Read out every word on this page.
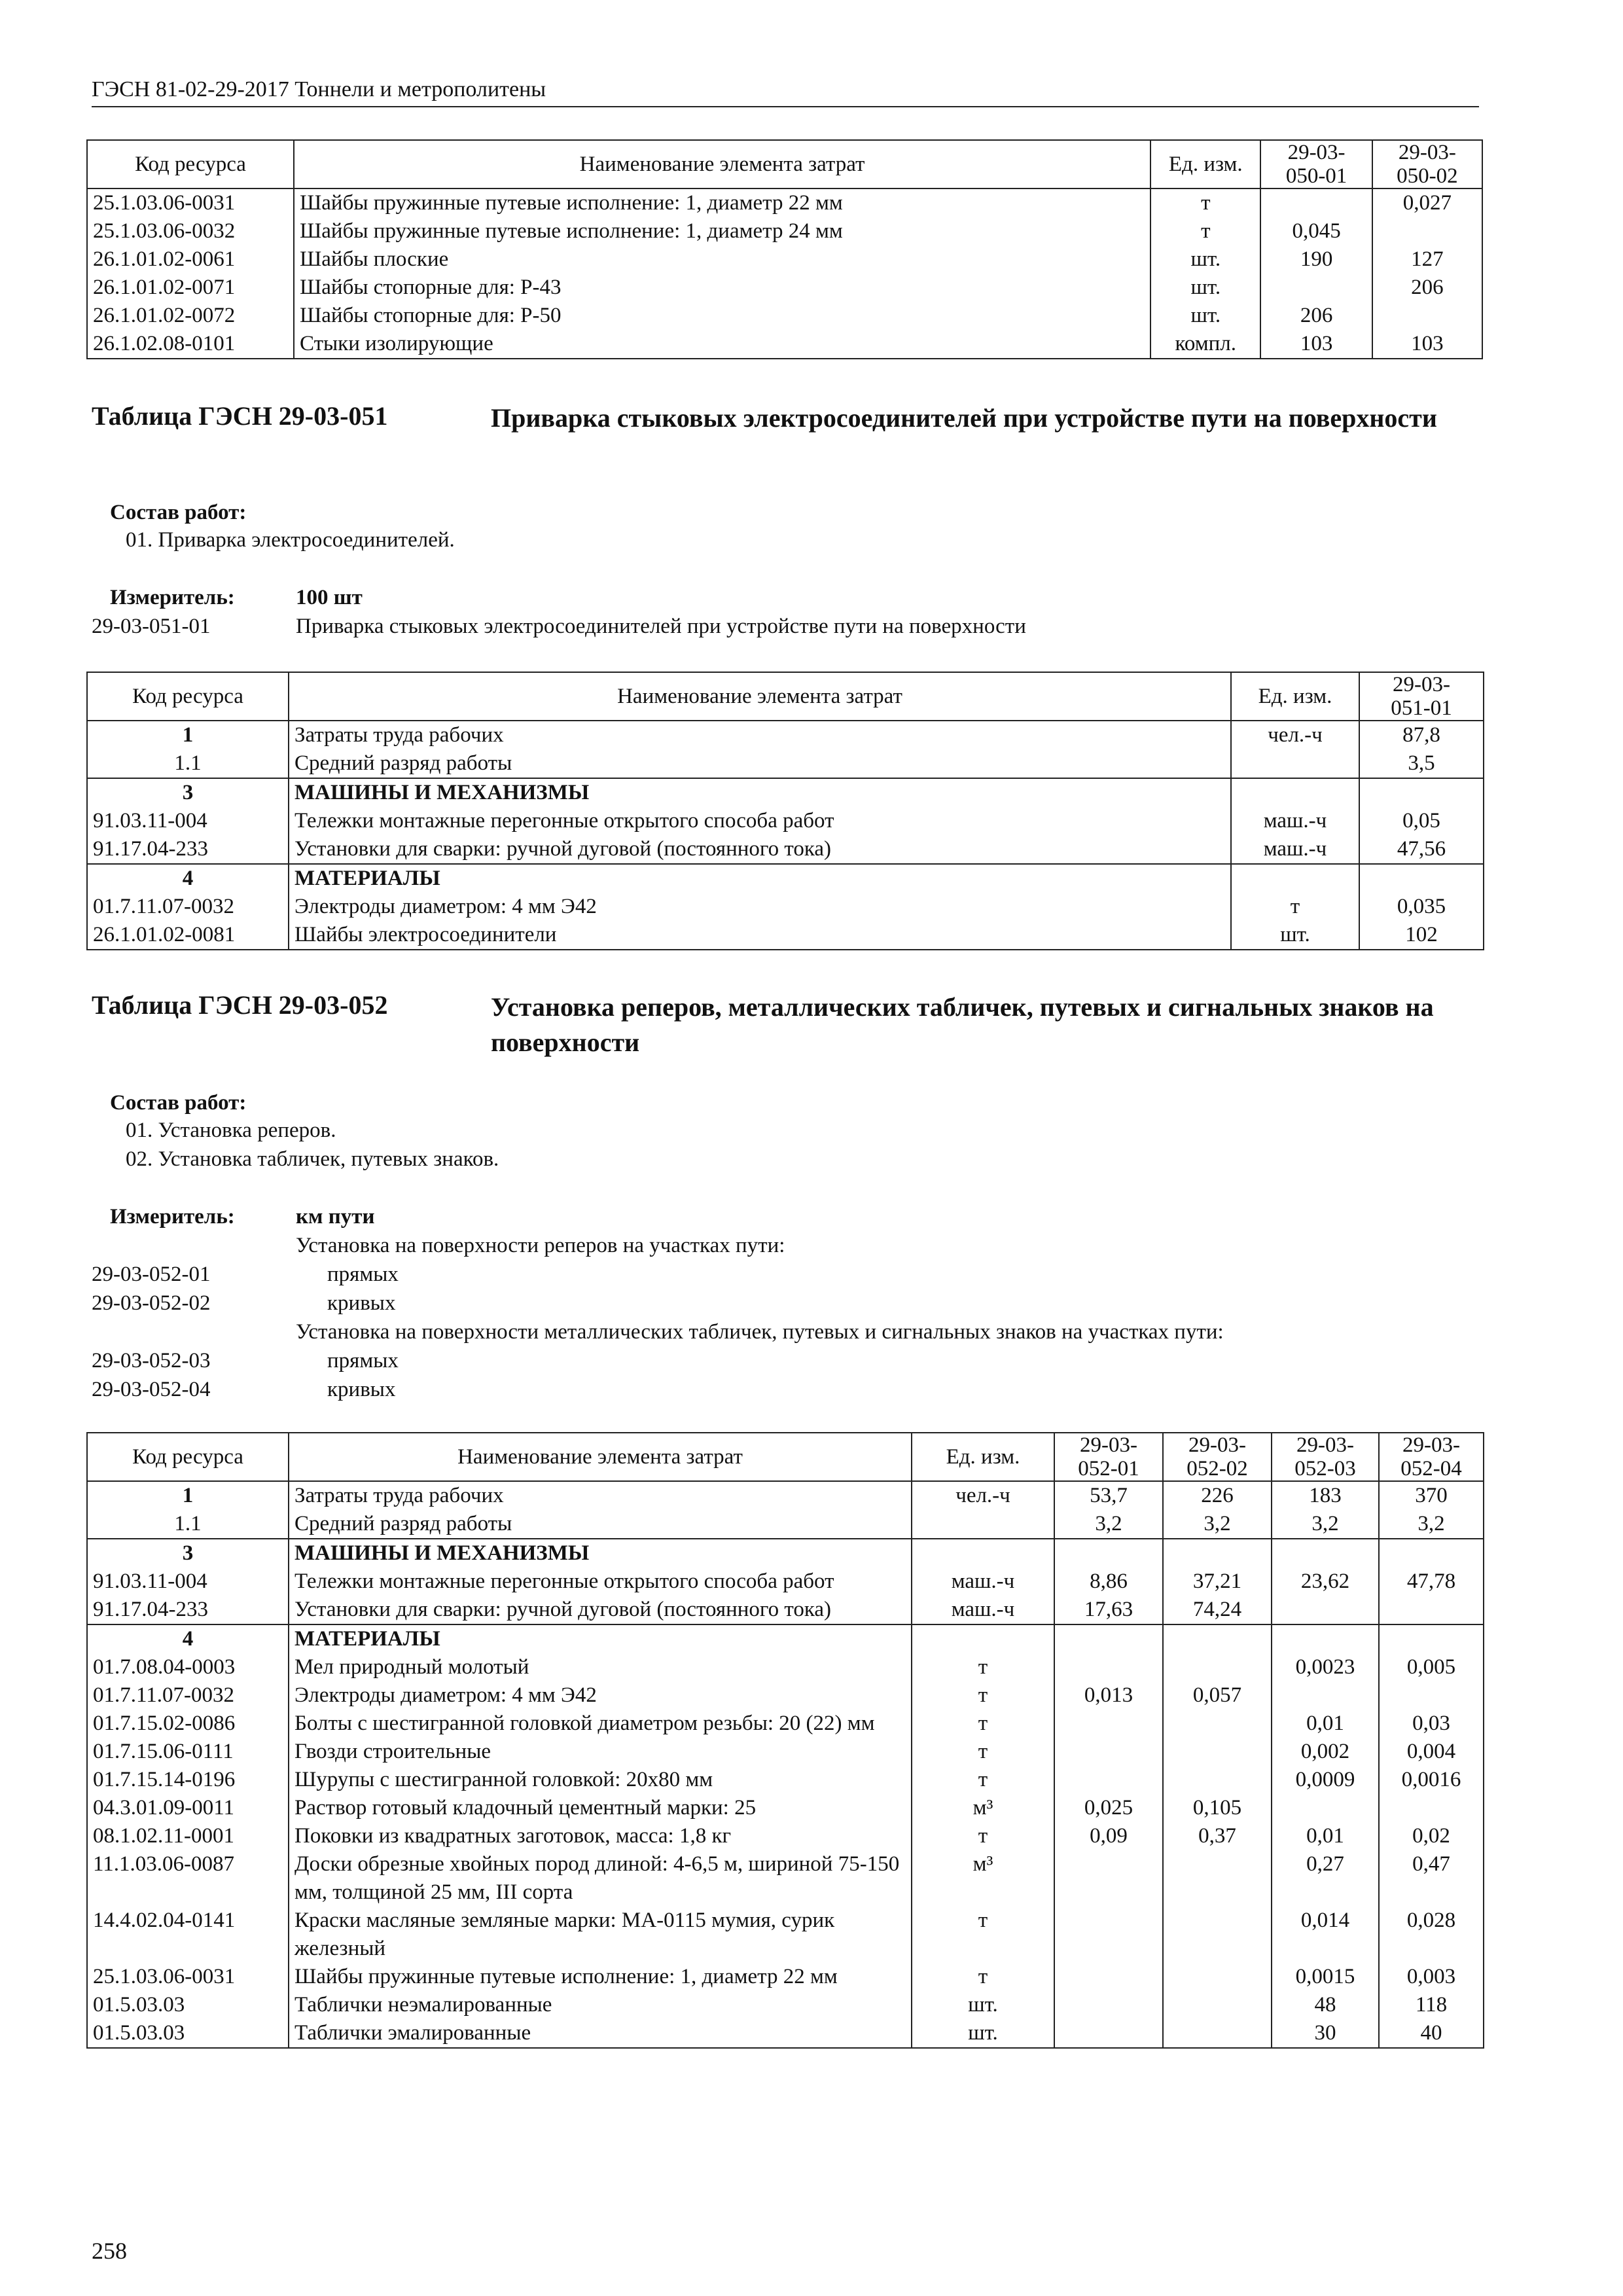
ГЭСН 81-02-29-2017 Тоннели и метрополитены
Код ресурса	Наименование элемента затрат	Ед. изм.	29-03-
050-01	29-03-
050-02
25.1.03.06-0031	Шайбы пружинные путевые исполнение: 1, диаметр 22 мм	т		0,027
25.1.03.06-0032	Шайбы пружинные путевые исполнение: 1, диаметр 24 мм	т	0,045	
26.1.01.02-0061	Шайбы плоские	шт.	190	127
26.1.01.02-0071	Шайбы стопорные для: Р-43	шт.		206
26.1.01.02-0072	Шайбы стопорные для: Р-50	шт.	206	
26.1.02.08-0101	Стыки изолирующие	компл.	103	103
Таблица ГЭСН 29-03-051	Приварка стыковых электросоединителей при устройстве пути на поверхности
Состав работ:
01. Приварка электросоединителей.
Измеритель:	100 шт
29-03-051-01	Приварка стыковых электросоединителей при устройстве пути на поверхности
Код ресурса	Наименование элемента затрат	Ед. изм.	29-03-
051-01
1	Затраты труда рабочих	чел.-ч	87,8
1.1	Средний разряд работы		3,5
3	МАШИНЫ И МЕХАНИЗМЫ		
91.03.11-004	Тележки монтажные перегонные открытого способа работ	маш.-ч	0,05
91.17.04-233	Установки для сварки: ручной дуговой (постоянного тока)	маш.-ч	47,56
4	МАТЕРИАЛЫ		
01.7.11.07-0032	Электроды диаметром: 4 мм Э42	т	0,035
26.1.01.02-0081	Шайбы электросоединители	шт.	102
Таблица ГЭСН 29-03-052	Установка реперов, металлических табличек, путевых и сигнальных знаков на поверхности
Состав работ:
01. Установка реперов.
02. Установка табличек, путевых знаков.
Измеритель:	км пути
Установка на поверхности реперов на участках пути:
29-03-052-01	прямых
29-03-052-02	кривых
Установка на поверхности металлических табличек, путевых и сигнальных знаков на участках пути:
29-03-052-03	прямых
29-03-052-04	кривых
Код ресурса	Наименование элемента затрат	Ед. изм.	29-03-
052-01	29-03-
052-02	29-03-
052-03	29-03-
052-04
1	Затраты труда рабочих	чел.-ч	53,7	226	183	370
1.1	Средний разряд работы		3,2	3,2	3,2	3,2
3	МАШИНЫ И МЕХАНИЗМЫ					
91.03.11-004	Тележки монтажные перегонные открытого способа работ	маш.-ч	8,86	37,21	23,62	47,78
91.17.04-233	Установки для сварки: ручной дуговой (постоянного тока)	маш.-ч	17,63	74,24		
4	МАТЕРИАЛЫ					
01.7.08.04-0003	Мел природный молотый	т			0,0023	0,005
01.7.11.07-0032	Электроды диаметром: 4 мм Э42	т	0,013	0,057		
01.7.15.02-0086	Болты с шестигранной головкой диаметром резьбы: 20 (22) мм	т			0,01	0,03
01.7.15.06-0111	Гвозди строительные	т			0,002	0,004
01.7.15.14-0196	Шурупы с шестигранной головкой: 20х80 мм	т			0,0009	0,0016
04.3.01.09-0011	Раствор готовый кладочный цементный марки: 25	м³	0,025	0,105		
08.1.02.11-0001	Поковки из квадратных заготовок, масса: 1,8 кг	т	0,09	0,37	0,01	0,02
11.1.03.06-0087	Доски обрезные хвойных пород длиной: 4-6,5 м, шириной 75-150 мм, толщиной 25 мм, III сорта	м³			0,27	0,47
14.4.02.04-0141	Краски масляные земляные марки: МА-0115 мумия, сурик железный	т			0,014	0,028
25.1.03.06-0031	Шайбы пружинные путевые исполнение: 1, диаметр 22 мм	т			0,0015	0,003
01.5.03.03	Таблички неэмалированные	шт.			48	118
01.5.03.03	Таблички эмалированные	шт.			30	40
258
